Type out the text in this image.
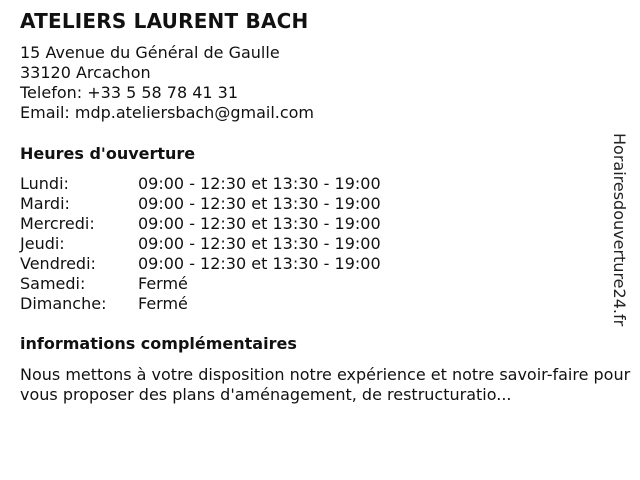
ATELIERS LAURENT BACH
15 Avenue du Général de Gaulle
33120 Arcachon
Telefon: +33 5 58 78 41 31
Email: mdp.ateliersbach@gmail.com
Heures d'ouverture
Lundi:	09:00 - 12:30 et 13:30 - 19:00
Mardi:	09:00 - 12:30 et 13:30 - 19:00
Mercredi:	09:00 - 12:30 et 13:30 - 19:00
Jeudi:	09:00 - 12:30 et 13:30 - 19:00
Vendredi:	09:00 - 12:30 et 13:30 - 19:00
Samedi:	Fermé
Dimanche:	Fermé
informations complémentaires
Nous mettons à votre disposition notre expérience et notre savoir-faire pour vous proposer des plans d'aménagement, de restructuratio...
Horairesdouverture24.fr
